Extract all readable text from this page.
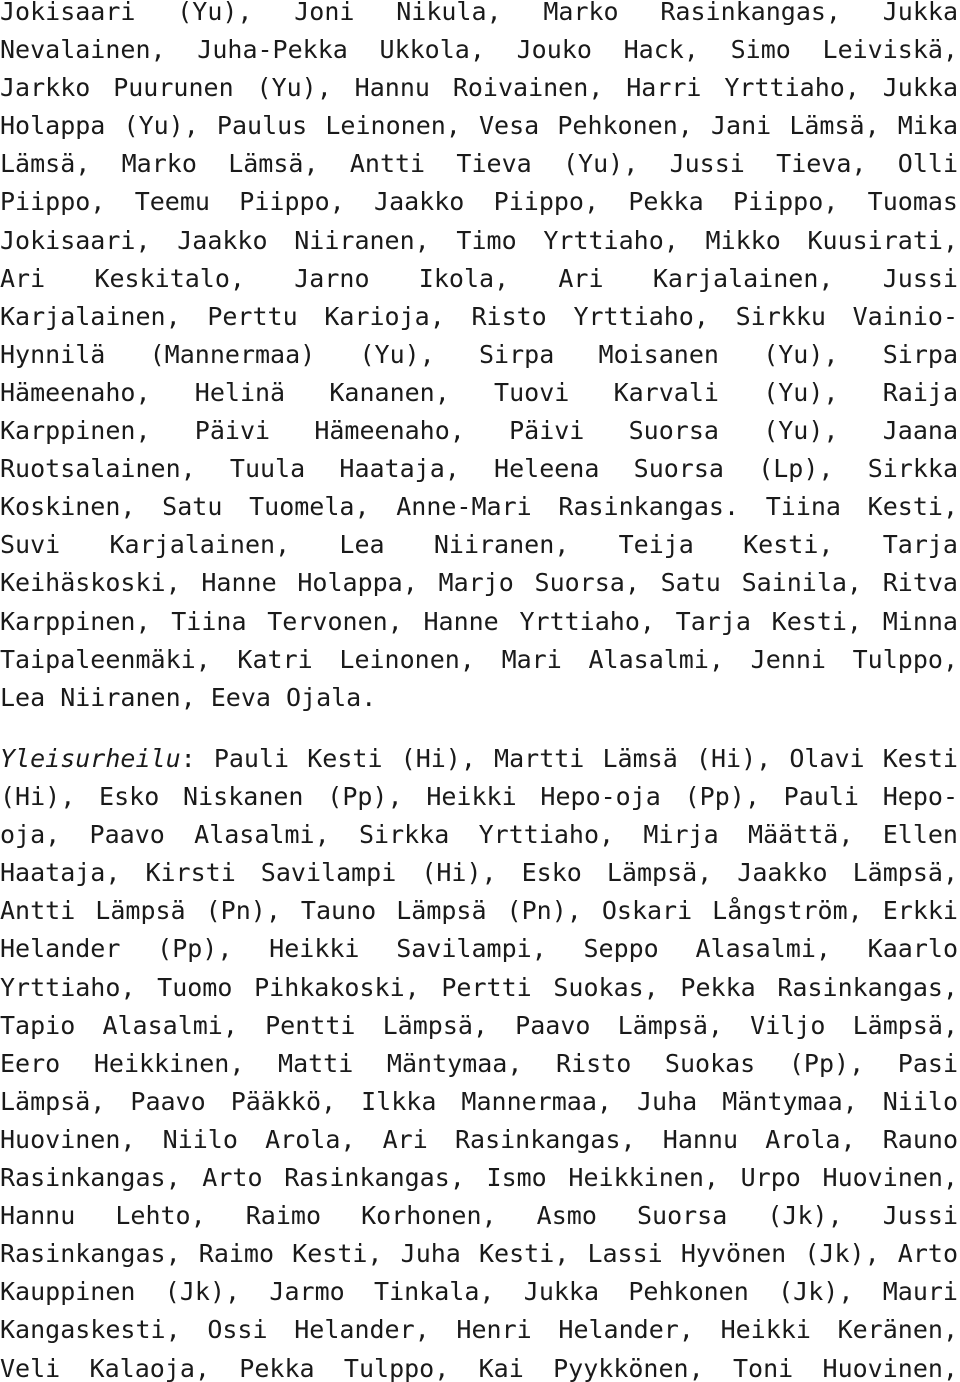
Jokisaari (Yu), Joni Nikula, Marko Rasinkangas, Jukka
Nevalainen, Juha-Pekka Ukkola, Jouko Hack, Simo Leiviskä,
Jarkko Puurunen (Yu), Hannu Roivainen, Harri Yrttiaho, Jukka
Holappa (Yu), Paulus Leinonen, Vesa Pehkonen, Jani Lämsä, Mika
Lämsä, Marko Lämsä, Antti Tieva (Yu), Jussi Tieva, Olli
Piippo, Teemu Piippo, Jaakko Piippo, Pekka Piippo, Tuomas
Jokisaari, Jaakko Niiranen, Timo Yrttiaho, Mikko Kuusirati,
Ari Keskitalo, Jarno Ikola, Ari Karjalainen, Jussi
Karjalainen, Perttu Karioja, Risto Yrttiaho, Sirkku Vainio-
Hynnilä (Mannermaa) (Yu), Sirpa Moisanen (Yu), Sirpa
Hämeenaho, Helinä Kananen, Tuovi Karvali (Yu), Raija
Karppinen, Päivi Hämeenaho, Päivi Suorsa (Yu), Jaana
Ruotsalainen, Tuula Haataja, Heleena Suorsa (Lp), Sirkka
Koskinen, Satu Tuomela, Anne-Mari Rasinkangas. Tiina Kesti,
Suvi Karjalainen, Lea Niiranen, Teija Kesti, Tarja
Keihäskoski, Hanne Holappa, Marjo Suorsa, Satu Sainila, Ritva
Karppinen, Tiina Tervonen, Hanne Yrttiaho, Tarja Kesti, Minna
Taipaleenmäki, Katri Leinonen, Mari Alasalmi, Jenni Tulppo,
Lea Niiranen, Eeva Ojala.
Yleisurheilu: Pauli Kesti (Hi), Martti Lämsä (Hi), Olavi Kesti
(Hi), Esko Niskanen (Pp), Heikki Hepo-oja (Pp), Pauli Hepo-
oja, Paavo Alasalmi, Sirkka Yrttiaho, Mirja Määttä, Ellen
Haataja, Kirsti Savilampi (Hi), Esko Lämpsä, Jaakko Lämpsä,
Antti Lämpsä (Pn), Tauno Lämpsä (Pn), Oskari Långström, Erkki
Helander (Pp), Heikki Savilampi, Seppo Alasalmi, Kaarlo
Yrttiaho, Tuomo Pihkakoski, Pertti Suokas, Pekka Rasinkangas,
Tapio Alasalmi, Pentti Lämpsä, Paavo Lämpsä, Viljo Lämpsä,
Eero Heikkinen, Matti Mäntymaa, Risto Suokas (Pp), Pasi
Lämpsä, Paavo Pääkkö, Ilkka Mannermaa, Juha Mäntymaa, Niilo
Huovinen, Niilo Arola, Ari Rasinkangas, Hannu Arola, Rauno
Rasinkangas, Arto Rasinkangas, Ismo Heikkinen, Urpo Huovinen,
Hannu Lehto, Raimo Korhonen, Asmo Suorsa (Jk), Jussi
Rasinkangas, Raimo Kesti, Juha Kesti, Lassi Hyvönen (Jk), Arto
Kauppinen (Jk), Jarmo Tinkala, Jukka Pehkonen (Jk), Mauri
Kangaskesti, Ossi Helander, Henri Helander, Heikki Keränen,
Veli Kalaoja, Pekka Tulppo, Kai Pyykkönen, Toni Huovinen,
